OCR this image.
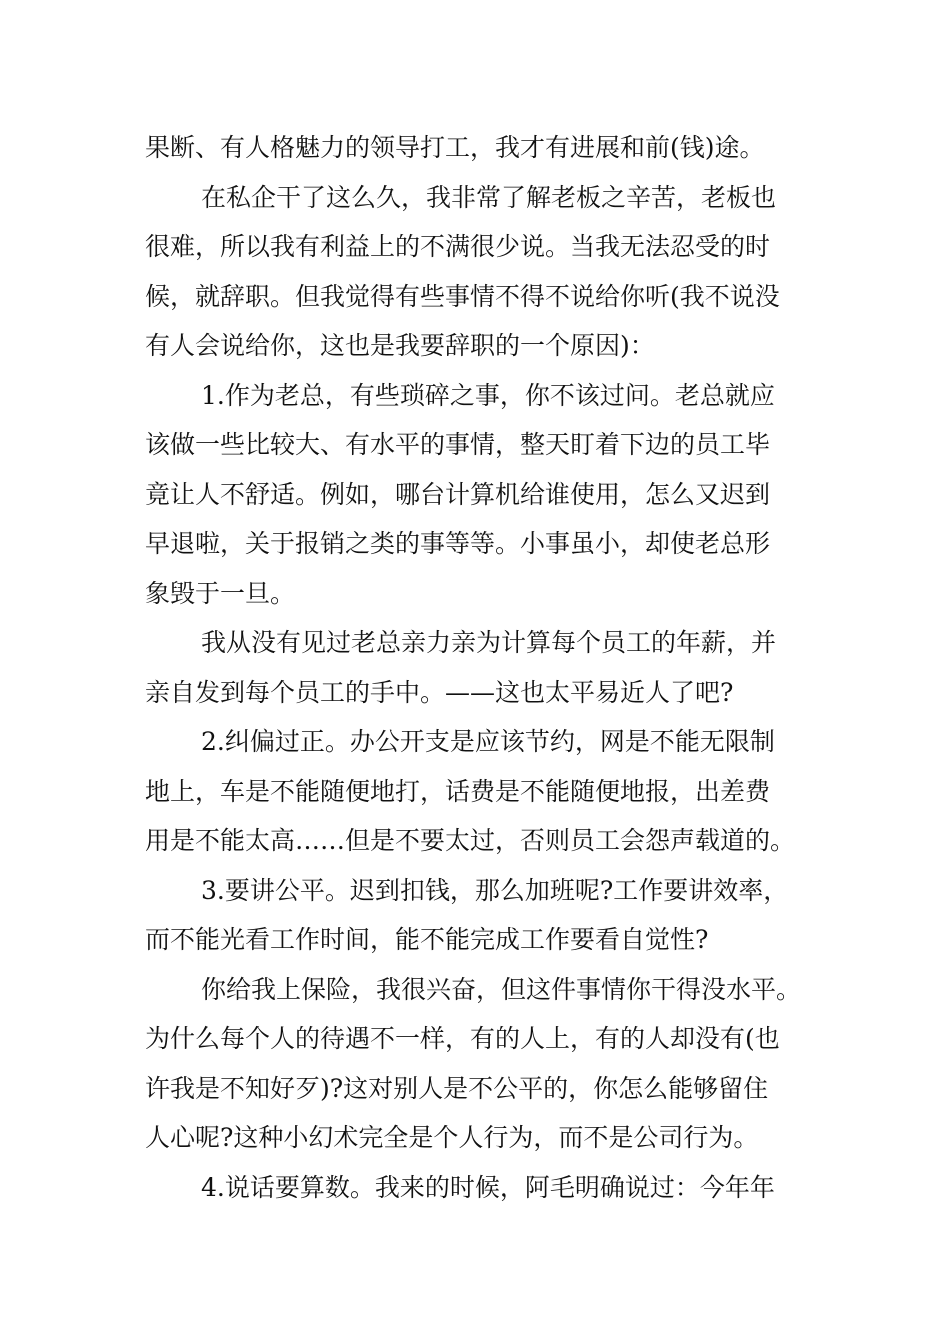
果断、有人格魅力的领导打工，我才有进展和前(钱)途。
在私企干了这么久，我非常了解老板之辛苦，老板也
很难，所以我有利益上的不满很少说。当我无法忍受的时
候，就辞职。但我觉得有些事情不得不说给你听(我不说没
有人会说给你，这也是我要辞职的一个原因)：
1.作为老总，有些琐碎之事，你不该过问。老总就应
该做一些比较大、有水平的事情，整天盯着下边的员工毕
竟让人不舒适。例如，哪台计算机给谁使用，怎么又迟到
早退啦，关于报销之类的事等等。小事虽小，却使老总形
象毁于一旦。
我从没有见过老总亲力亲为计算每个员工的年薪，并
亲自发到每个员工的手中。——这也太平易近人了吧?
2.纠偏过正。办公开支是应该节约，网是不能无限制
地上，车是不能随便地打，话费是不能随便地报，出差费
用是不能太高……但是不要太过，否则员工会怨声载道的。
3.要讲公平。迟到扣钱，那么加班呢?工作要讲效率，
而不能光看工作时间，能不能完成工作要看自觉性?
你给我上保险，我很兴奋，但这件事情你干得没水平。
为什么每个人的待遇不一样，有的人上，有的人却没有(也
许我是不知好歹)?这对别人是不公平的，你怎么能够留住
人心呢?这种小幻术完全是个人行为，而不是公司行为。
4.说话要算数。我来的时候，阿毛明确说过：今年年
